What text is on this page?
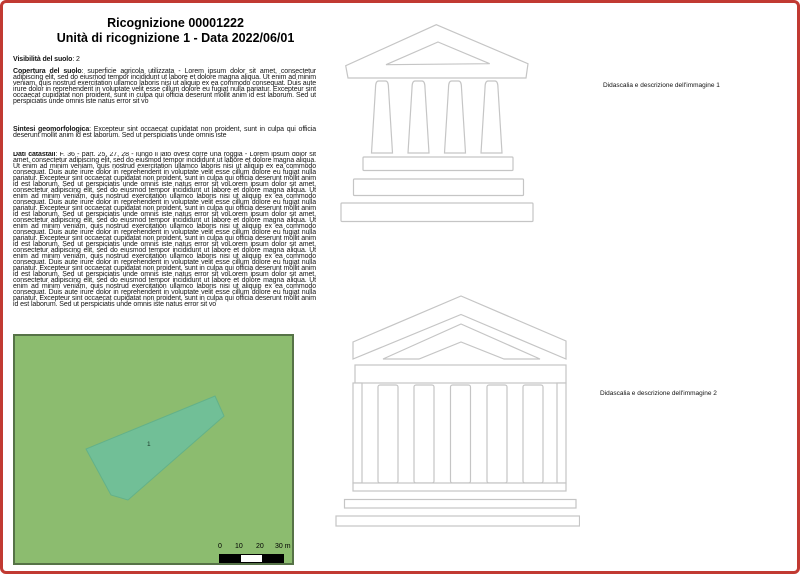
Ricognizione 00001222
Unità di ricognizione 1 - Data 2022/06/01

Visibilità del suolo: 2

Copertura del suolo: superficie agricola utilizzata - Lorem ipsum dolor sit amet, consectetur adipiscing elit, sed do eiusmod tempor incididunt ut labore et dolore magna aliqua. Ut enim ad minim veniam, quis nostrud exercitation ullamco laboris nisi ut aliquip ex ea commodo consequat. Duis aute irure dolor in reprehenderit in voluptate velit esse cillum dolore eu fugiat nulla pariatur. Excepteur sint occaecat cupidatat non proident, sunt in culpa qui officia deserunt mollit anim id est laborum. Sed ut perspiciatis unde omnis iste natus error sit vo

Sintesi geomorfologica: Excepteur sint occaecat cupidatat non proident, sunt in culpa qui officia deserunt mollit anim id est laborum. Sed ut perspiciatis unde omnis iste

Dati catastali: F. 36 - part. 25, 27, 28 - lungo il lato ovest corre una roggia - Lorem ipsum dolor sit amet, consectetur adipiscing elit, sed do eiusmod tempor incididunt ut labore et dolore magna aliqua. Ut enim ad minim veniam, quis nostrud exercitation ullamco laboris nisi ut aliquip ex ea commodo consequat. Duis aute irure dolor in reprehenderit in voluptate velit esse cillum dolore eu fugiat nulla pariatur. Excepteur sint occaecat cupidatat non proident, sunt in culpa qui officia deserunt mollit anim id est laborum. Sed ut perspiciatis unde omnis iste natus error sit voLorem ipsum dolor sit amet, consectetur adipiscing elit, sed do eiusmod tempor incididunt ut labore et dolore magna aliqua. Ut enim ad minim veniam, quis nostrud exercitation ullamco laboris nisi ut aliquip ex ea commodo consequat. Duis aute irure dolor in reprehenderit in voluptate velit esse cillum dolore eu fugiat nulla pariatur. Excepteur sint occaecat cupidatat non proident, sunt in culpa qui officia deserunt mollit anim id est laborum. Sed ut perspiciatis unde omnis iste natus error sit voLorem ipsum dolor sit amet, consectetur adipiscing elit, sed do eiusmod tempor incididunt ut labore et dolore magna aliqua. Ut enim ad minim veniam, quis nostrud exercitation ullamco laboris nisi ut aliquip ex ea commodo consequat. Duis aute irure dolor in reprehenderit in voluptate velit esse cillum dolore eu fugiat nulla pariatur. Excepteur sint occaecat cupidatat non proident, sunt in culpa qui officia deserunt mollit anim id est laborum. Sed ut perspiciatis unde omnis iste natus error sit voLorem ipsum dolor sit amet, consectetur adipiscing elit, sed do eiusmod tempor incididunt ut labore et dolore magna aliqua. Ut enim ad minim veniam, quis nostrud exercitation ullamco laboris nisi ut aliquip ex ea commodo consequat. Duis aute irure dolor in reprehenderit in voluptate velit esse cillum dolore eu fugiat nulla pariatur. Excepteur sint occaecat cupidatat non proident, sunt in culpa qui officia deserunt mollit anim id est laborum. Sed ut perspiciatis unde omnis iste natus error sit voLorem ipsum dolor sit amet, consectetur adipiscing elit, sed do eiusmod tempor incididunt ut labore et dolore magna aliqua. Ut enim ad minim veniam, quis nostrud exercitation ullamco laboris nisi ut aliquip ex ea commodo consequat. Duis aute irure dolor in reprehenderit in voluptate velit esse cillum dolore eu fugiat nulla pariatur. Excepteur sint occaecat cupidatat non proident, sunt in culpa qui officia deserunt mollit anim id est laborum. Sed ut perspiciatis unde omnis iste natus error sit vo

1
0 10 20 30 m
Didascalia e descrizione dell'immagine 1
Didascalia e descrizione dell'immagine 2
